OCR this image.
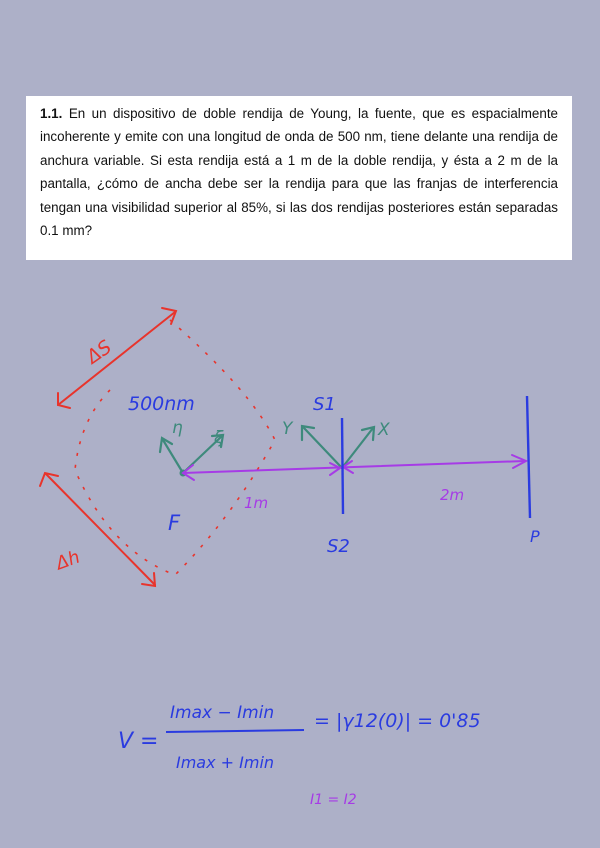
1.1. En un dispositivo de doble rendija de Young, la fuente, que es espacialmente incoherente y emite con una longitud de onda de 500 nm, tiene delante una rendija de anchura variable. Si esta rendija está a 1 m de la doble rendija, y ésta a 2 m de la pantalla, ¿cómo de ancha debe ser la rendija para que las franjas de interferencia tengan una visibilidad superior al 85%, si las dos rendijas posteriores están separadas 0.1 mm?
ΔS
Δh
500nm
η ξ	Y	X
1m	2m
S1
S2	P
F
V =
Imax − Imin
Imax + Imin
= |γ12(0)| = 0'85
I1 = I2
